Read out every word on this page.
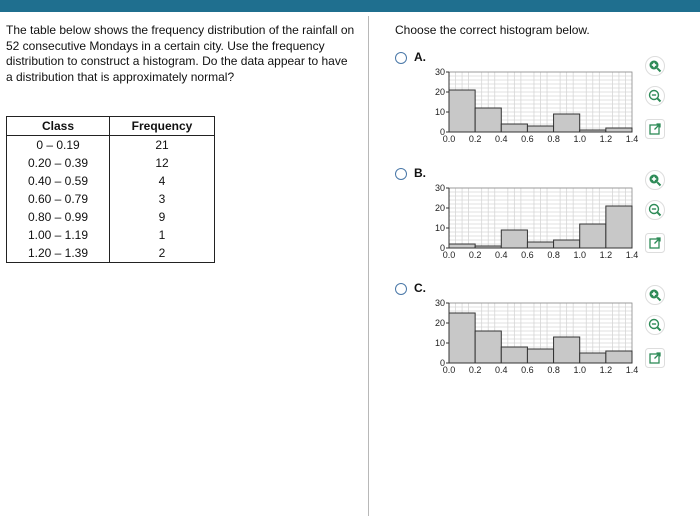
The table below shows the frequency distribution of the rainfall on 52 consecutive Mondays in a certain city. Use the frequency distribution to construct a histogram. Do the data appear to have a distribution that is approximately normal?
Class	Frequency
0 – 0.19	21
0.20 – 0.39	12
0.40 – 0.59	4
0.60 – 0.79	3
0.80 – 0.99	9
1.00 – 1.19	1
1.20 – 1.39	2
Choose the correct histogram below.
A.
0
10
20
30
0.0 0.2 0.4 0.6 0.8 1.0 1.2 1.4
B.
0
10
20
30
0.0 0.2 0.4 0.6 0.8 1.0 1.2 1.4
C.
0
10
20
30
0.0 0.2 0.4 0.6 0.8 1.0 1.2 1.4
